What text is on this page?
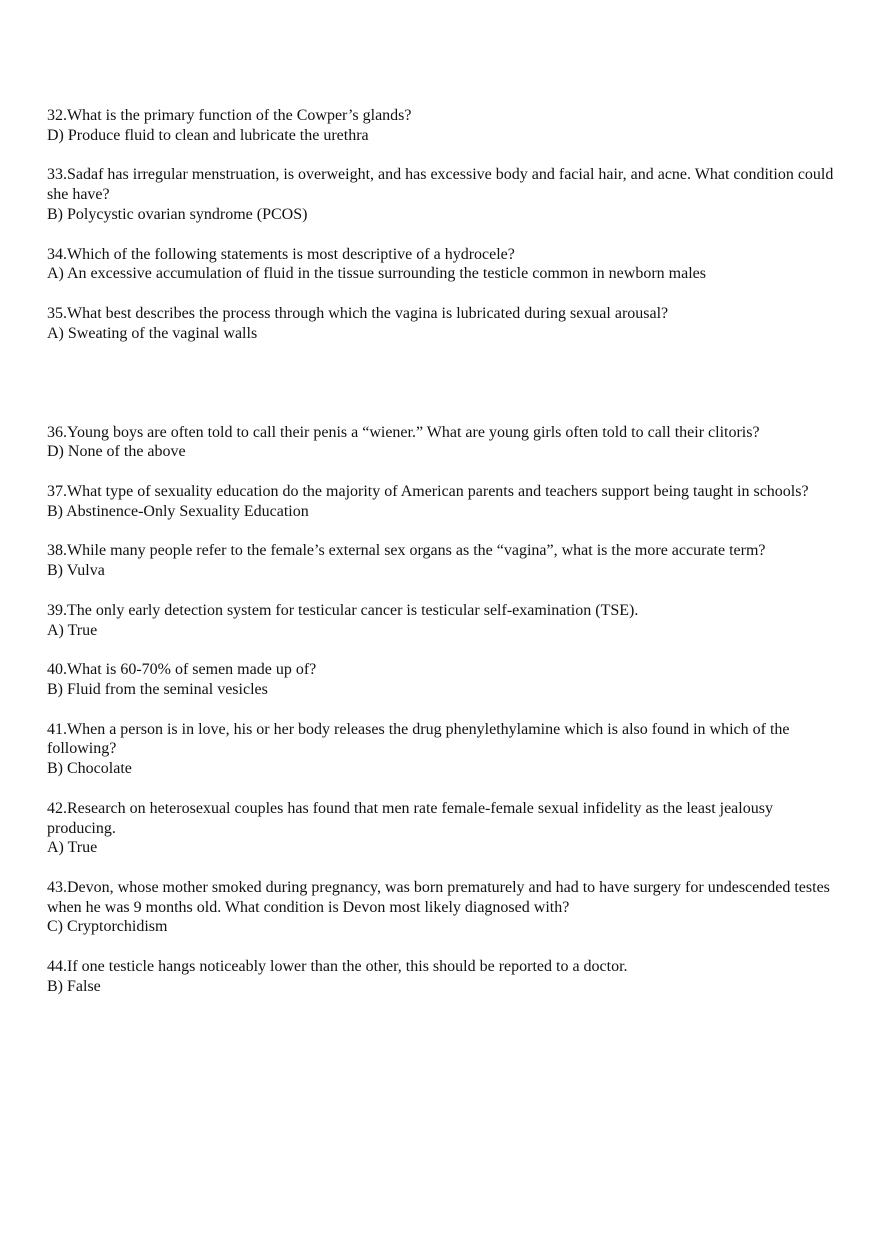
32.What is the primary function of the Cowper’s glands?

D) Produce fluid to clean and lubricate the urethra

33.Sadaf has irregular menstruation, is overweight, and has excessive body and facial hair, and acne. What condition could she have?

B) Polycystic ovarian syndrome (PCOS)

34.Which of the following statements is most descriptive of a hydrocele?

A) An excessive accumulation of fluid in the tissue surrounding the testicle common in newborn males

35.What best describes the process through which the vagina is lubricated during sexual arousal?

A) Sweating of the vaginal walls

36.Young boys are often told to call their penis a “wiener.” What are young girls often told to call their clitoris?

D) None of the above

37.What type of sexuality education do the majority of American parents and teachers support being taught in schools?

B) Abstinence-Only Sexuality Education

38.While many people refer to the female’s external sex organs as the “vagina”, what is the more accurate term?

B) Vulva

39.The only early detection system for testicular cancer is testicular self-examination (TSE).

A) True

40.What is 60-70% of semen made up of?

B) Fluid from the seminal vesicles

41.When a person is in love, his or her body releases the drug phenylethylamine which is also found in which of the following?

B) Chocolate

42.Research on heterosexual couples has found that men rate female-female sexual infidelity as the least jealousy producing.

A) True

43.Devon, whose mother smoked during pregnancy, was born prematurely and had to have surgery for undescended testes when he was 9 months old. What condition is Devon most likely diagnosed with?

C) Cryptorchidism

44.If one testicle hangs noticeably lower than the other, this should be reported to a doctor.

B) False
